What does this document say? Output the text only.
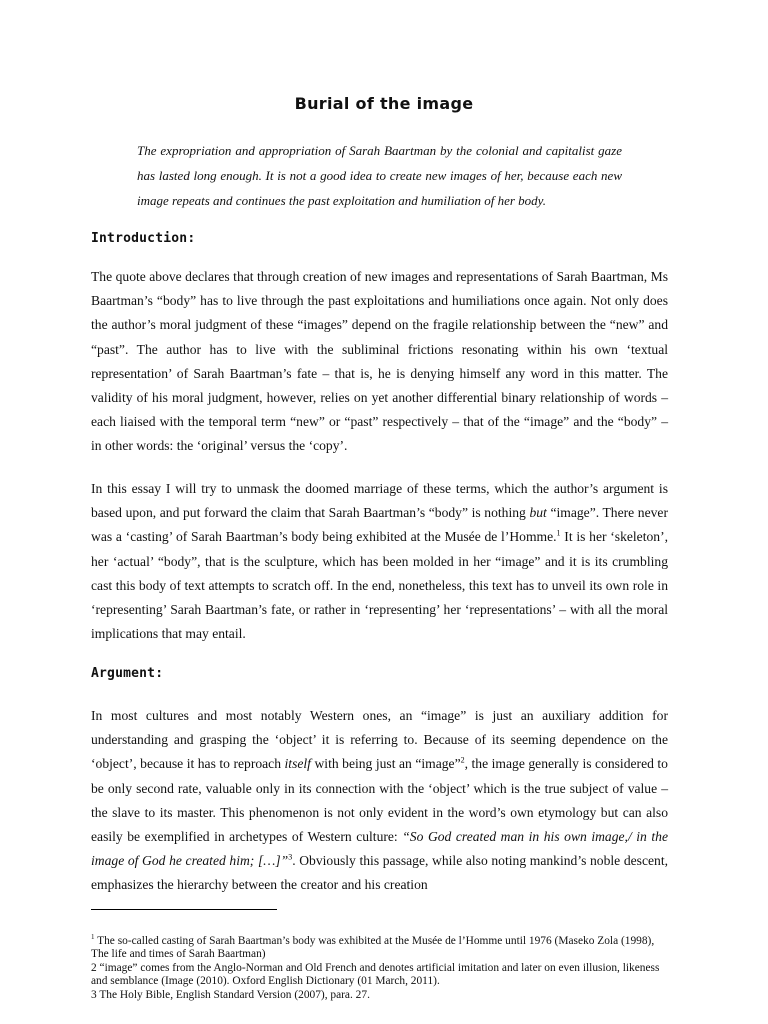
Burial of the image
The expropriation and appropriation of Sarah Baartman by the colonial and capitalist gaze has lasted long enough. It is not a good idea to create new images of her, because each new image repeats and continues the past exploitation and humiliation of her body.
Introduction:
The quote above declares that through creation of new images and representations of Sarah Baartman, Ms Baartman’s “body” has to live through the past exploitations and humiliations once again. Not only does the author’s moral judgment of these “images” depend on the fragile relationship between the “new” and “past”. The author has to live with the subliminal frictions resonating within his own ‘textual representation’ of Sarah Baartman’s fate – that is, he is denying himself any word in this matter. The validity of his moral judgment, however, relies on yet another differential binary relationship of words – each liaised with the temporal term “new” or “past” respectively – that of the “image” and the “body” – in other words: the ‘original’ versus the ‘copy’.
In this essay I will try to unmask the doomed marriage of these terms, which the author’s argument is based upon, and put forward the claim that Sarah Baartman’s “body” is nothing but “image”. There never was a ‘casting’ of Sarah Baartman’s body being exhibited at the Musée de l’Homme.$^1$ It is her ‘skeleton’, her ‘actual’ “body”, that is the sculpture, which has been molded in her “image” and it is its crumbling cast this body of text attempts to scratch off. In the end, nonetheless, this text has to unveil its own role in ‘representing’ Sarah Baartman’s fate, or rather in ‘representing’ her ‘representations’ – with all the moral implications that may entail.
Argument:
In most cultures and most notably Western ones, an “image” is just an auxiliary addition for understanding and grasping the ‘object’ it is referring to. Because of its seeming dependence on the ‘object’, because it has to reproach itself with being just an “image”$^2$, the image generally is considered to be only second rate, valuable only in its connection with the ‘object’ which is the true subject of value – the slave to its master. This phenomenon is not only evident in the word’s own etymology but can also easily be exemplified in archetypes of Western culture: “So God created man in his own image,/ in the image of God he created him; […]”$^3$. Obviously this passage, while also noting mankind’s noble descent, emphasizes the hierarchy between the creator and his creation

$^1$ The so-called casting of Sarah Baartman’s body was exhibited at the Musée de l’Homme until 1976 (Maseko Zola (1998), The life and times of Sarah Baartman)

2 “image” comes from the Anglo-Norman and Old French and denotes artificial imitation and later on even illusion, likeness and semblance (Image (2010). Oxford English Dictionary (01 March, 2011).

3 The Holy Bible, English Standard Version (2007), para. 27.
